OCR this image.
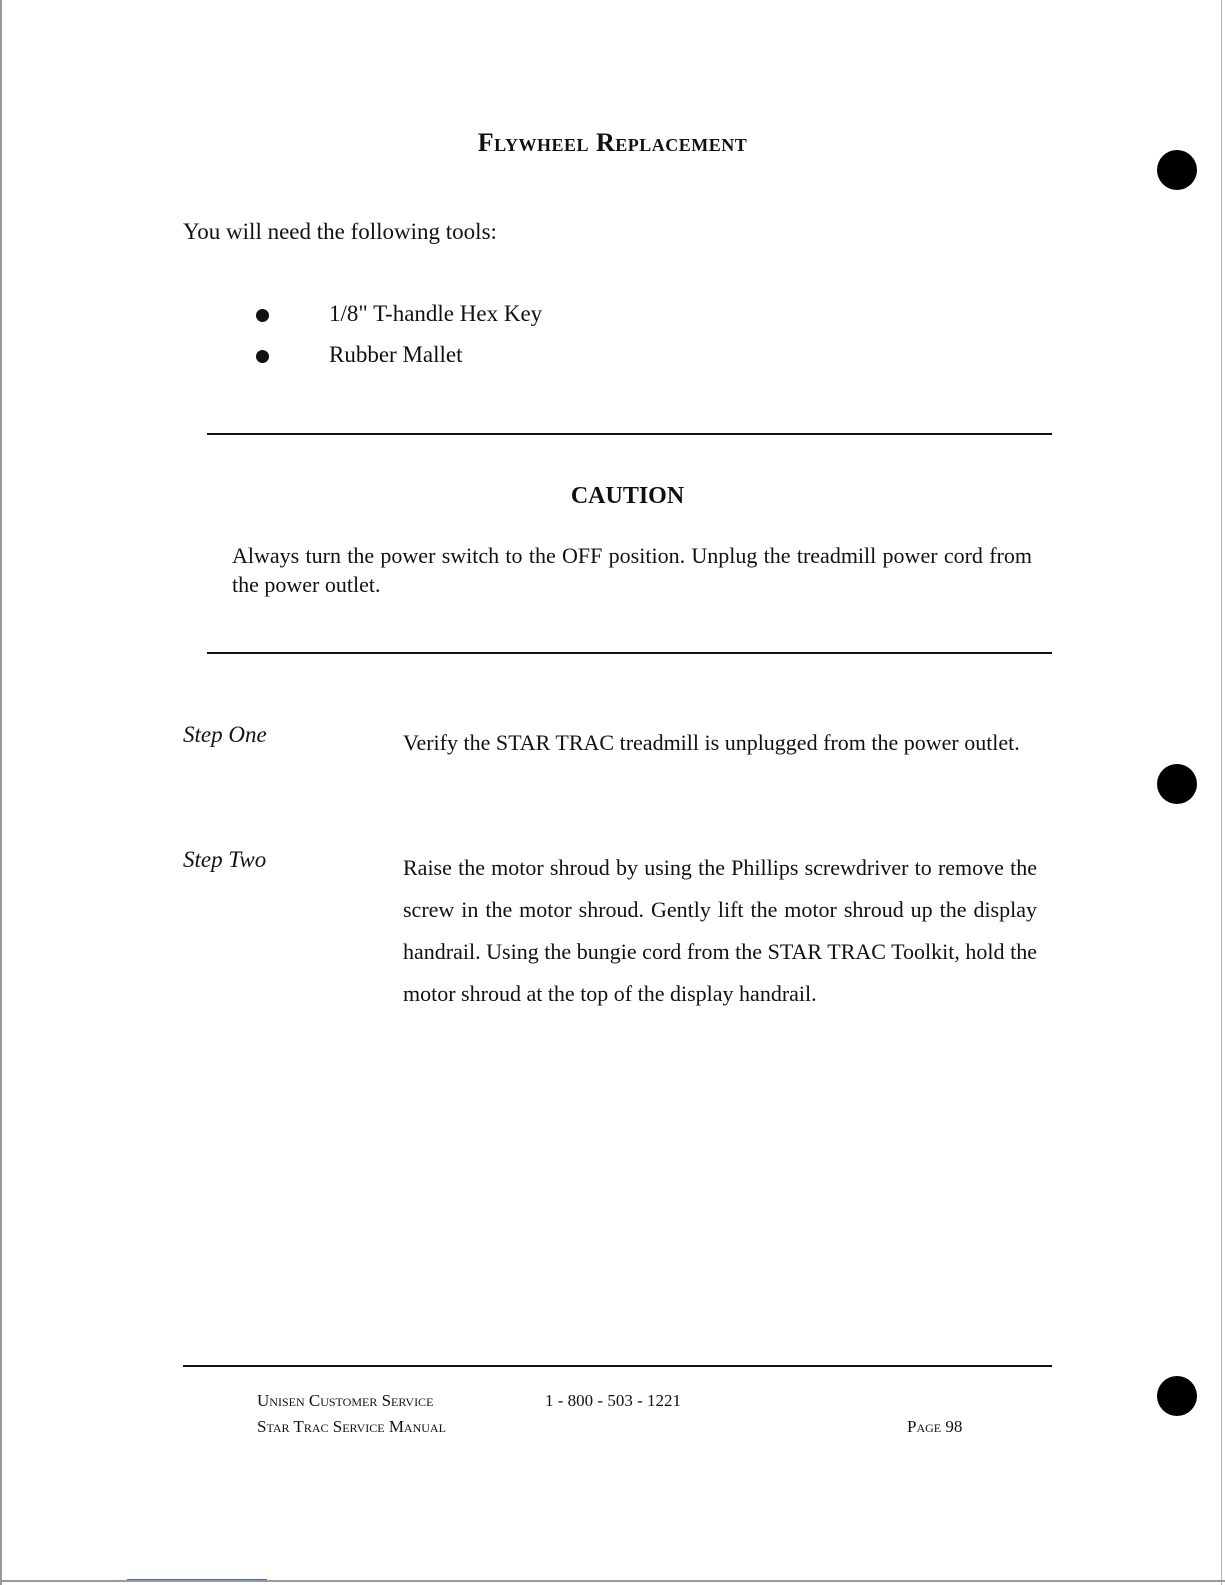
Flywheel Replacement
You will need the following tools:
1/8" T-handle Hex Key
Rubber Mallet
CAUTION
Always turn the power switch to the OFF position. Unplug the treadmill power cord from the power outlet.
Step One	Verify the STAR TRAC treadmill is unplugged from the power outlet.
Step Two	Raise the motor shroud by using the Phillips screwdriver to remove the screw in the motor shroud. Gently lift the motor shroud up the display handrail. Using the bungie cord from the STAR TRAC Toolkit, hold the motor shroud at the top of the display handrail.
Unisen Customer Service
Star Trac Service Manual
1 - 800 - 503 - 1221
Page 98
